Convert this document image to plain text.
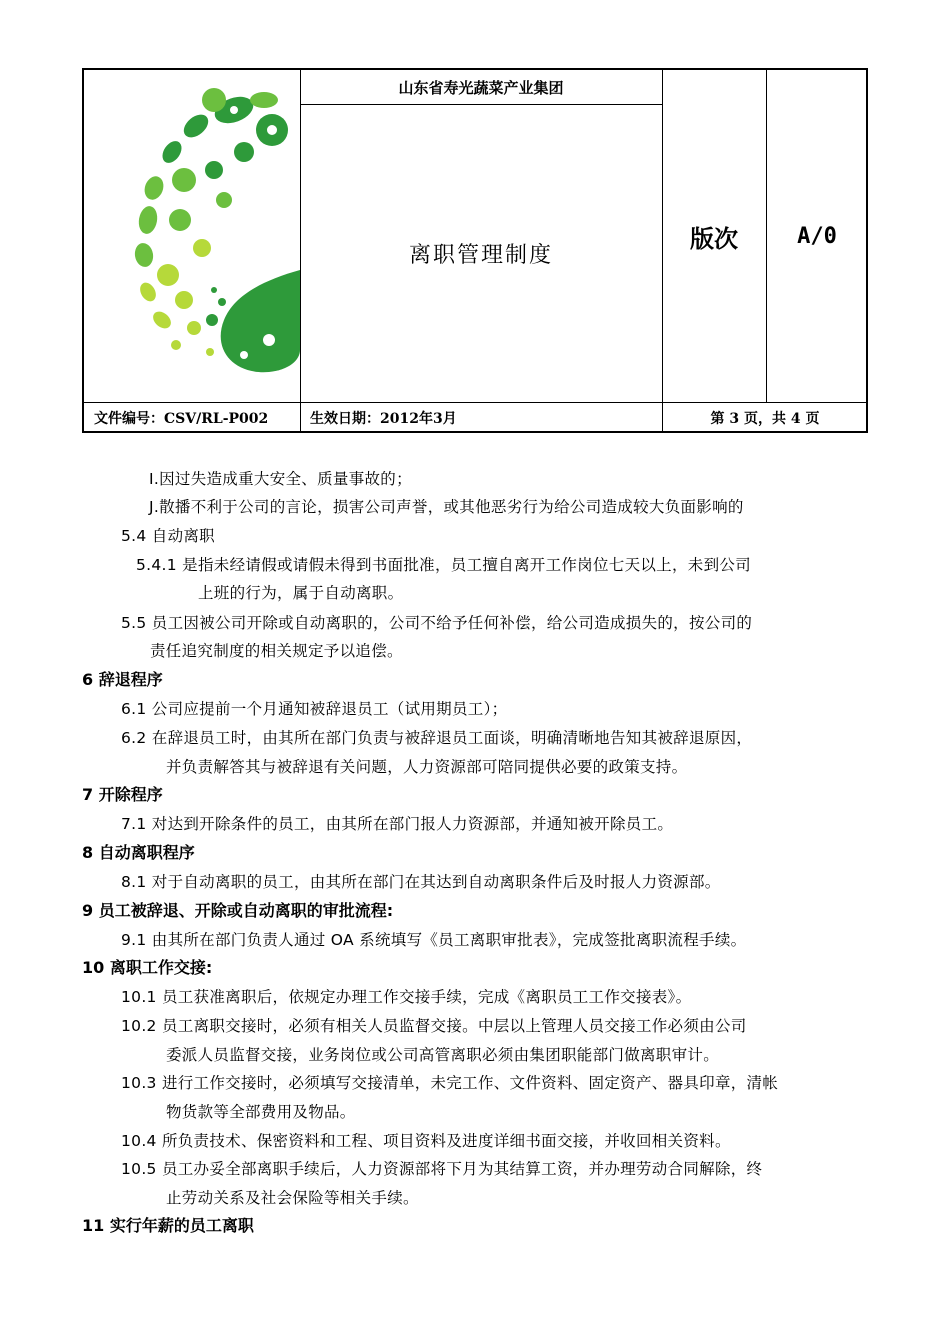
山东省寿光蔬菜产业集团
离职管理制度
版次	A/0
文件编号：CSV/RL-P002	生效日期：2012年3月	第 3 页，共 4 页
I.因过失造成重大安全、质量事故的；
J.散播不利于公司的言论，损害公司声誉，或其他恶劣行为给公司造成较大负面影响的
5.4 自动离职
5.4.1 是指未经请假或请假未得到书面批准，员工擅自离开工作岗位七天以上，未到公司
上班的行为，属于自动离职。
5.5 员工因被公司开除或自动离职的，公司不给予任何补偿，给公司造成损失的，按公司的
责任追究制度的相关规定予以追偿。
6 辞退程序
6.1 公司应提前一个月通知被辞退员工（试用期员工）；
6.2 在辞退员工时，由其所在部门负责与被辞退员工面谈，明确清晰地告知其被辞退原因，
并负责解答其与被辞退有关问题，人力资源部可陪同提供必要的政策支持。
7 开除程序
7.1 对达到开除条件的员工，由其所在部门报人力资源部，并通知被开除员工。
8 自动离职程序
8.1 对于自动离职的员工，由其所在部门在其达到自动离职条件后及时报人力资源部。
9 员工被辞退、开除或自动离职的审批流程:
9.1 由其所在部门负责人通过 OA 系统填写《员工离职审批表》，完成签批离职流程手续。
10 离职工作交接:
10.1 员工获准离职后，依规定办理工作交接手续，完成《离职员工工作交接表》。
10.2 员工离职交接时，必须有相关人员监督交接。中层以上管理人员交接工作必须由公司
委派人员监督交接，业务岗位或公司高管离职必须由集团职能部门做离职审计。
10.3 进行工作交接时，必须填写交接清单，未完工作、文件资料、固定资产、器具印章，清帐
物货款等全部费用及物品。
10.4 所负责技术、保密资料和工程、项目资料及进度详细书面交接，并收回相关资料。
10.5 员工办妥全部离职手续后，人力资源部将下月为其结算工资，并办理劳动合同解除，终
止劳动关系及社会保险等相关手续。
11 实行年薪的员工离职
